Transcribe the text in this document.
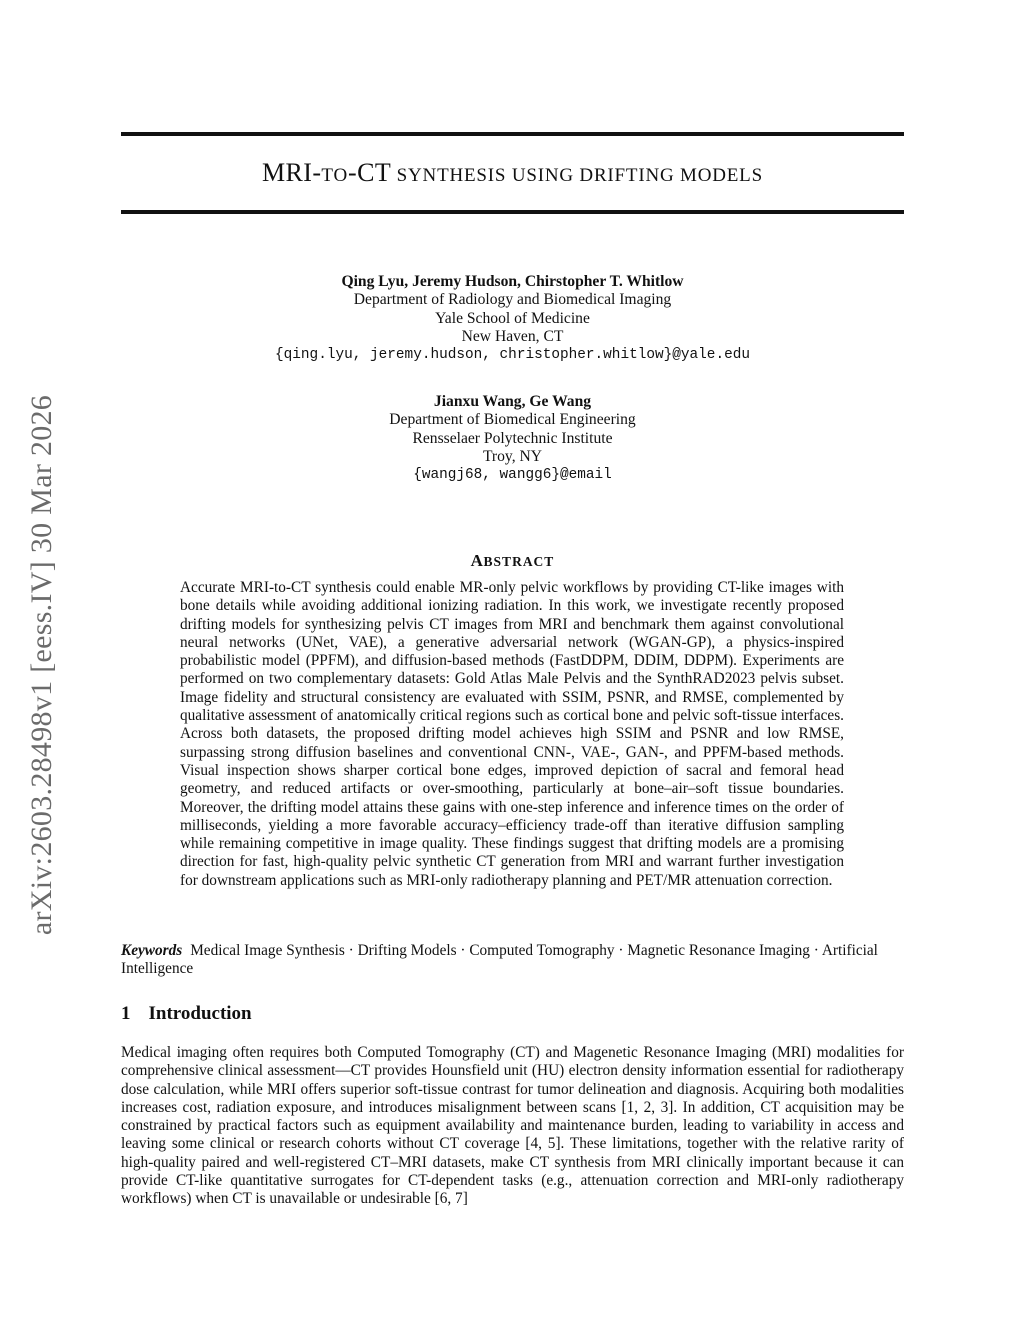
arXiv:2603.28498v1 [eess.IV] 30 Mar 2026
MRI-TO-CT SYNTHESIS USING DRIFTING MODELS
Qing Lyu, Jeremy Hudson, Chirstopher T. Whitlow
Department of Radiology and Biomedical Imaging
Yale School of Medicine
New Haven, CT
{qing.lyu, jeremy.hudson, christopher.whitlow}@yale.edu
Jianxu Wang, Ge Wang
Department of Biomedical Engineering
Rensselaer Polytechnic Institute
Troy, NY
{wangj68, wangg6}@email
ABSTRACT

Accurate MRI-to-CT synthesis could enable MR-only pelvic workflows by providing CT-like images with bone details while avoiding additional ionizing radiation. In this work, we investigate recently proposed drifting models for synthesizing pelvis CT images from MRI and benchmark them against convolutional neural networks (UNet, VAE), a generative adversarial network (WGAN-GP), a physics-inspired probabilistic model (PPFM), and diffusion-based methods (FastDDPM, DDIM, DDPM). Experiments are performed on two complementary datasets: Gold Atlas Male Pelvis and the SynthRAD2023 pelvis subset. Image fidelity and structural consistency are evaluated with SSIM, PSNR, and RMSE, complemented by qualitative assessment of anatomically critical regions such as cortical bone and pelvic soft-tissue interfaces. Across both datasets, the proposed drifting model achieves high SSIM and PSNR and low RMSE, surpassing strong diffusion baselines and conventional CNN-, VAE-, GAN-, and PPFM-based methods. Visual inspection shows sharper cortical bone edges, improved depiction of sacral and femoral head geometry, and reduced artifacts or over-smoothing, particularly at bone–air–soft tissue boundaries. Moreover, the drifting model attains these gains with one-step inference and inference times on the order of milliseconds, yielding a more favorable accuracy–efficiency trade-off than iterative diffusion sampling while remaining competitive in image quality. These findings suggest that drifting models are a promising direction for fast, high-quality pelvic synthetic CT generation from MRI and warrant further investigation for downstream applications such as MRI-only radiotherapy planning and PET/MR attenuation correction.

Keywords Medical Image Synthesis · Drifting Models · Computed Tomography · Magnetic Resonance Imaging · Artificial Intelligence

1 Introduction

Medical imaging often requires both Computed Tomography (CT) and Magenetic Resonance Imaging (MRI) modalities for comprehensive clinical assessment—CT provides Hounsfield unit (HU) electron density information essential for radiotherapy dose calculation, while MRI offers superior soft-tissue contrast for tumor delineation and diagnosis. Acquiring both modalities increases cost, radiation exposure, and introduces misalignment between scans [1, 2, 3]. In addition, CT acquisition may be constrained by practical factors such as equipment availability and maintenance burden, leading to variability in access and leaving some clinical or research cohorts without CT coverage [4, 5]. These limitations, together with the relative rarity of high-quality paired and well-registered CT–MRI datasets, make CT synthesis from MRI clinically important because it can provide CT-like quantitative surrogates for CT-dependent tasks (e.g., attenuation correction and MRI-only radiotherapy workflows) when CT is unavailable or undesirable [6, 7]
